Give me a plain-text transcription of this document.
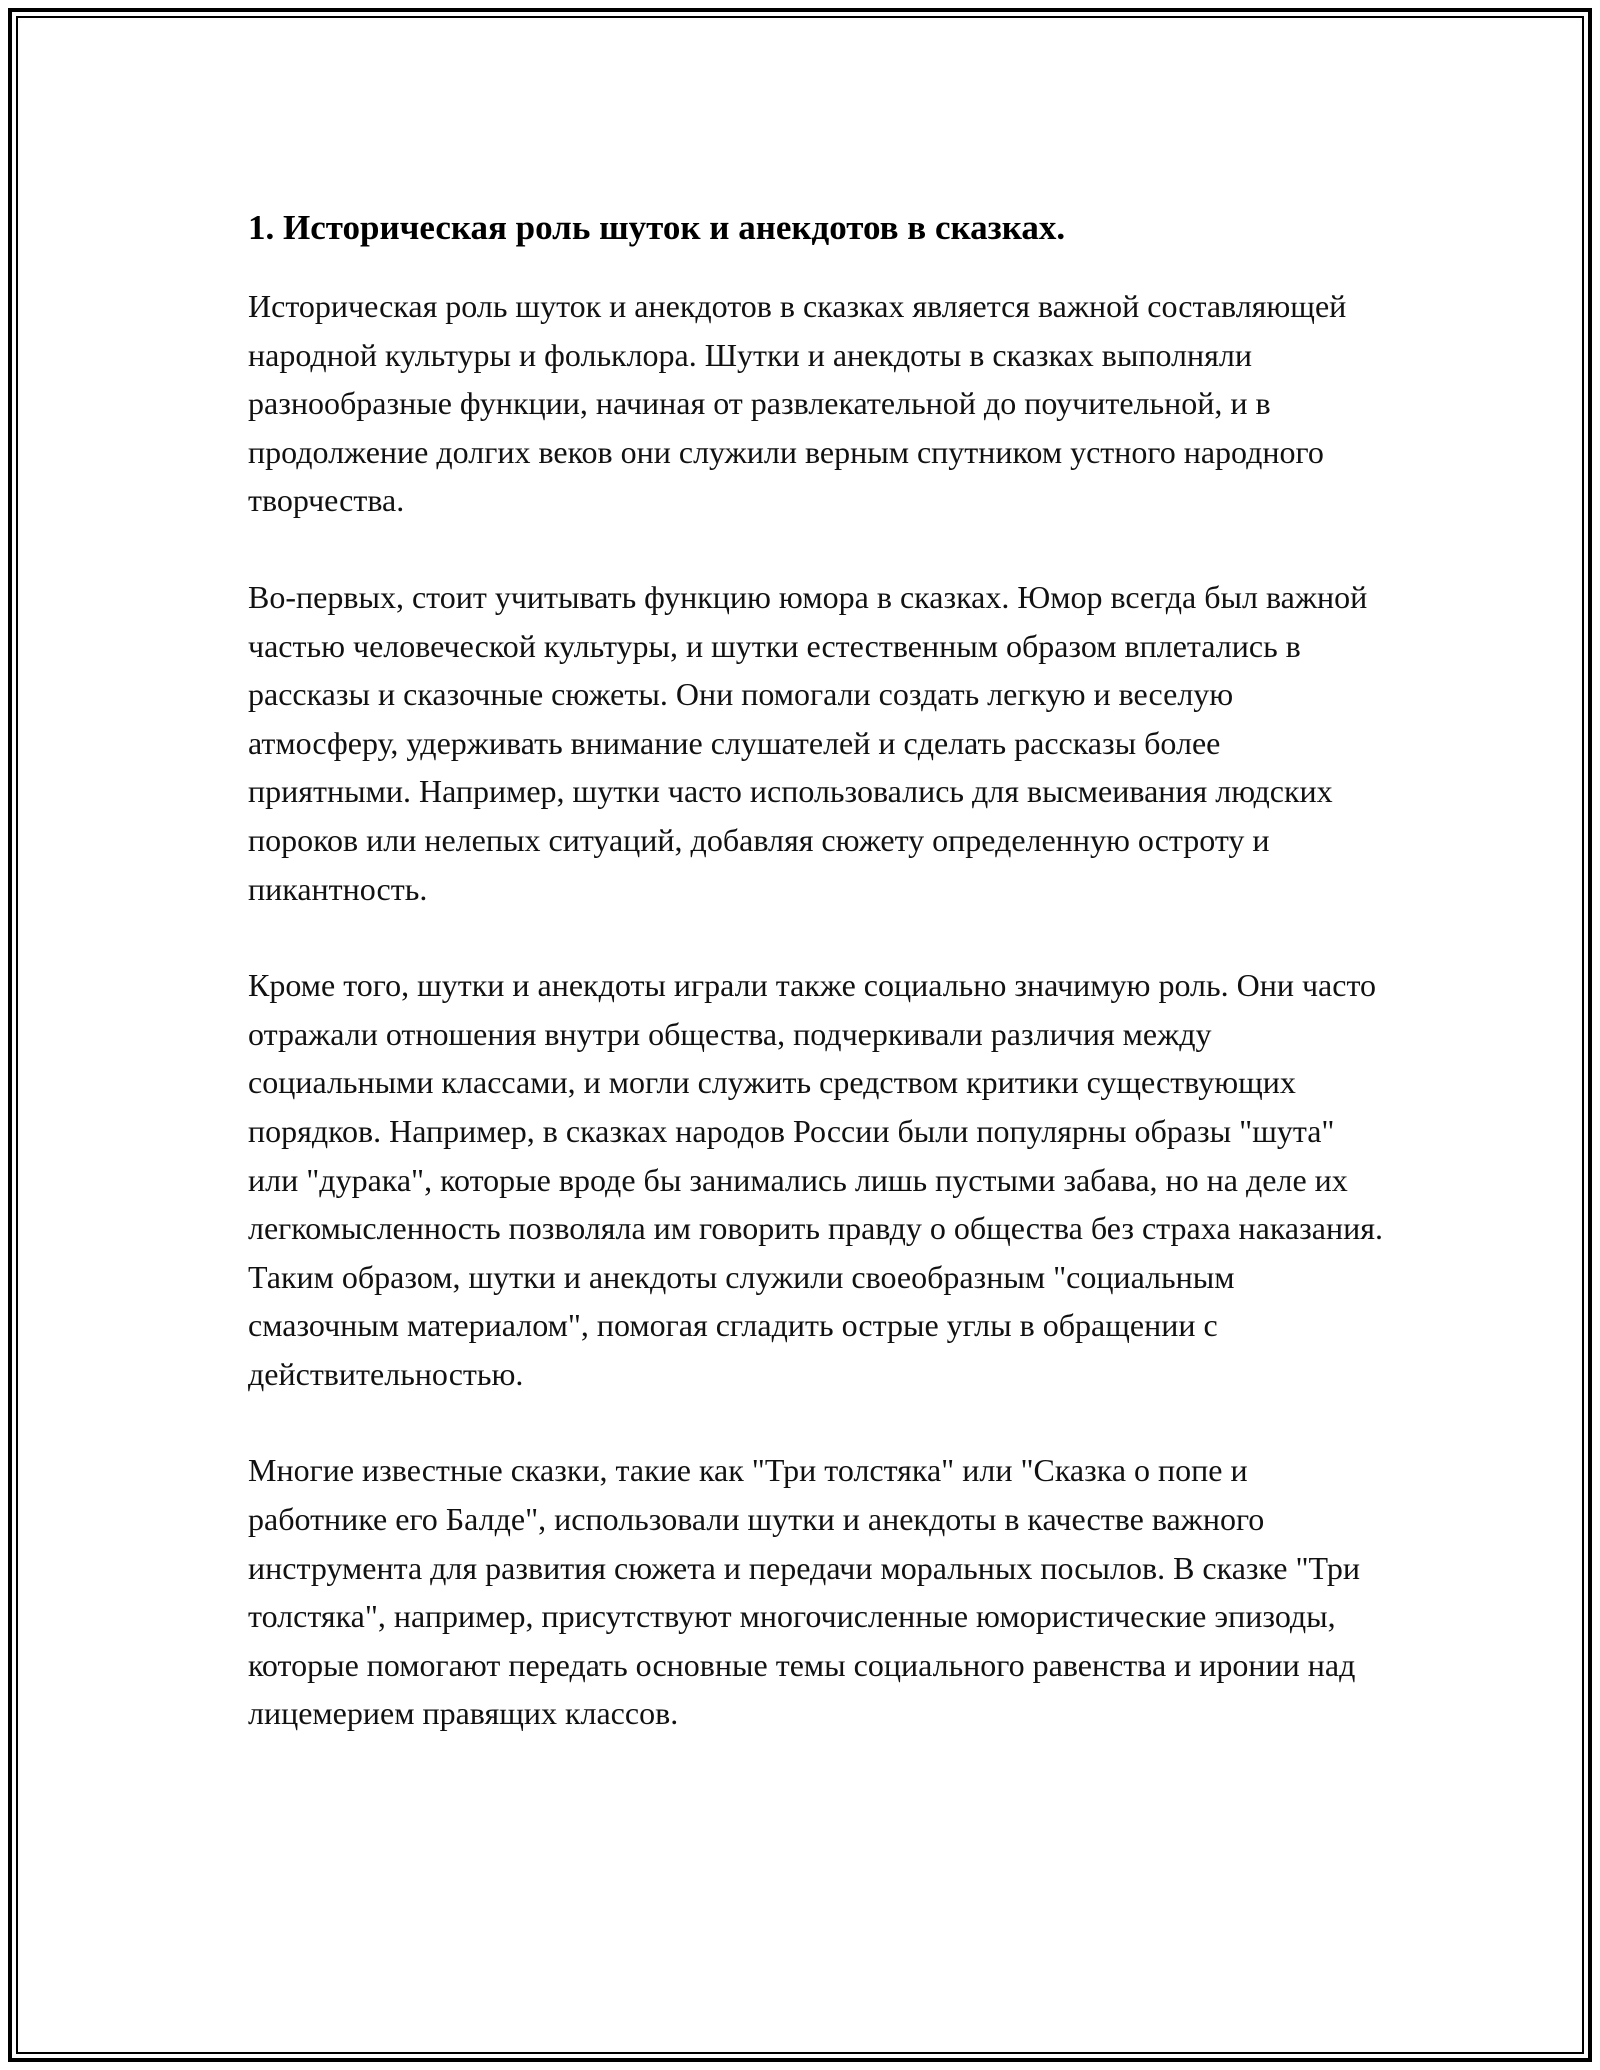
1. Историческая роль шуток и анекдотов в сказках.

Историческая роль шуток и анекдотов в сказках является важной составляющей народной культуры и фольклора. Шутки и анекдоты в сказках выполняли разнообразные функции, начиная от развлекательной до поучительной, и в продолжение долгих веков они служили верным спутником устного народного творчества.

Во-первых, стоит учитывать функцию юмора в сказках. Юмор всегда был важной частью человеческой культуры, и шутки естественным образом вплетались в рассказы и сказочные сюжеты. Они помогали создать легкую и веселую атмосферу, удерживать внимание слушателей и сделать рассказы более приятными. Например, шутки часто использовались для высмеивания людских пороков или нелепых ситуаций, добавляя сюжету определенную остроту и пикантность.

Кроме того, шутки и анекдоты играли также социально значимую роль. Они часто отражали отношения внутри общества, подчеркивали различия между социальными классами, и могли служить средством критики существующих порядков. Например, в сказках народов России были популярны образы "шута" или "дурака", которые вроде бы занимались лишь пустыми забава, но на деле их легкомысленность позволяла им говорить правду о общества без страха наказания. Таким образом, шутки и анекдоты служили своеобразным "социальным смазочным материалом", помогая сгладить острые углы в обращении с действительностью.

Многие известные сказки, такие как "Три толстяка" или "Сказка о попе и работнике его Балде", использовали шутки и анекдоты в качестве важного инструмента для развития сюжета и передачи моральных посылов. В сказке "Три толстяка", например, присутствуют многочисленные юмористические эпизоды, которые помогают передать основные темы социального равенства и иронии над лицемерием правящих классов.
